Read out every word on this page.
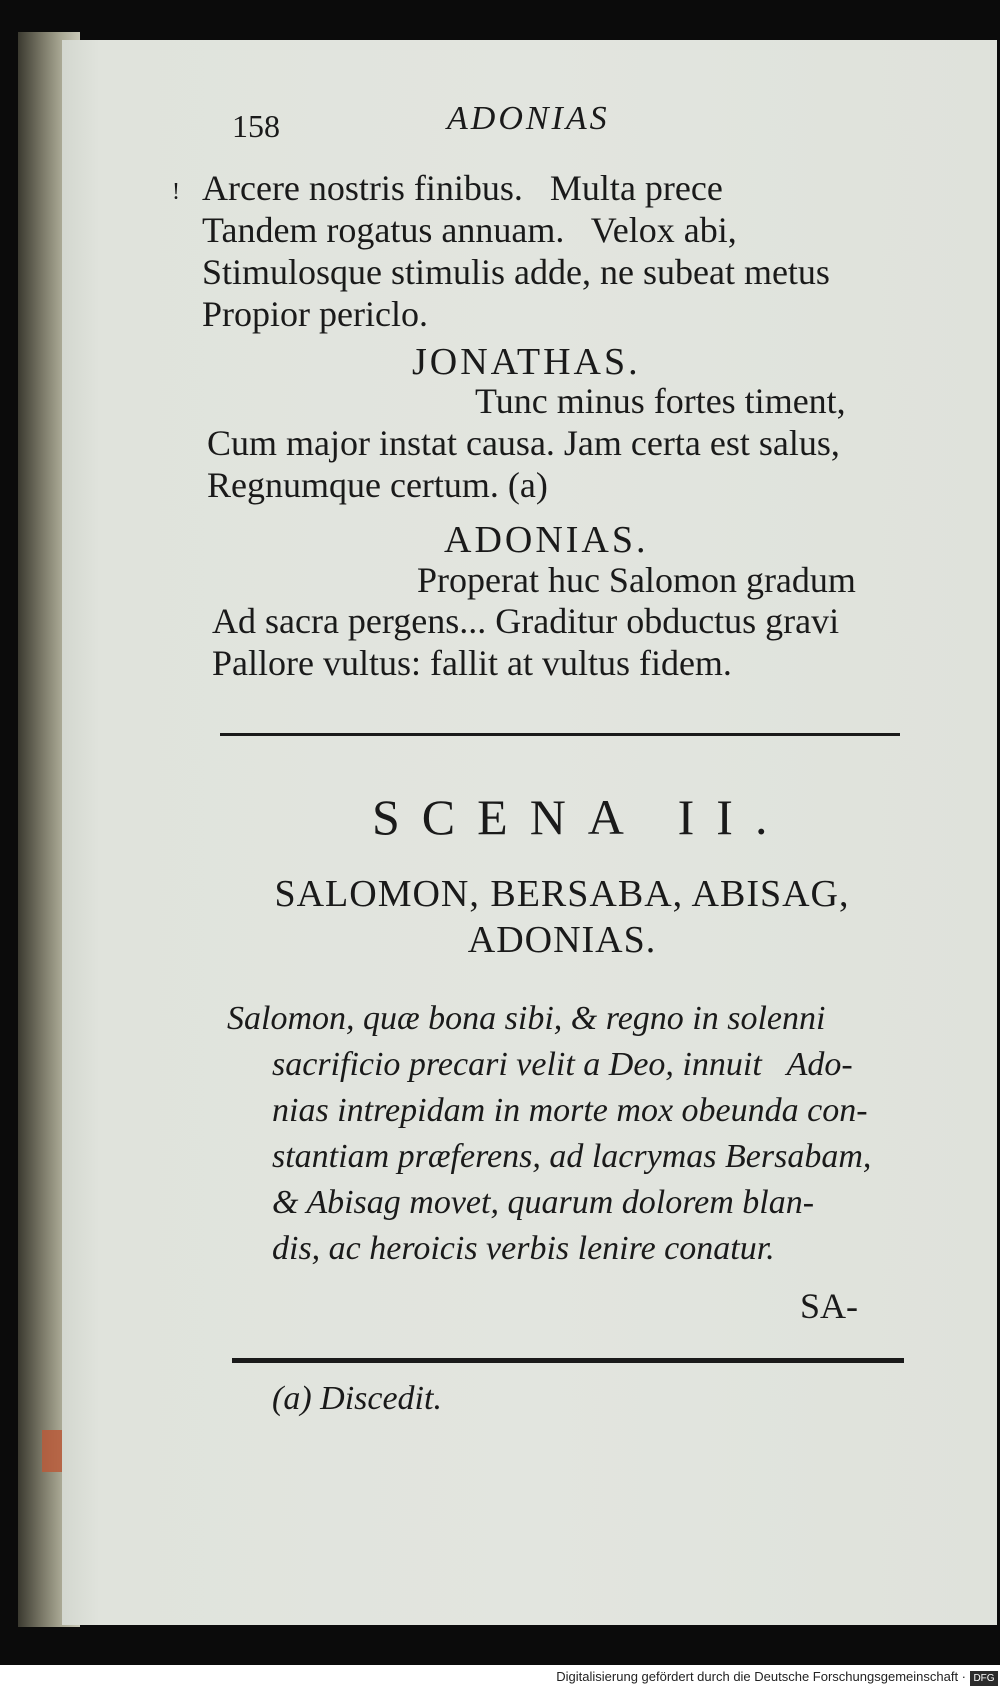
158	ADONIAS
! Arcere nostris finibus.   Multa prece
Tandem rogatus annuam.   Velox abi,
Stimulosque stimulis adde, ne subeat metus
Propior periclo.
JONATHAS.
Tunc minus fortes timent,
Cum major instat causa. Jam certa est salus,
Regnumque certum. (a)
ADONIAS.
Properat huc Salomon gradum
Ad sacra pergens... Graditur obductus gravi
Pallore vultus: fallit at vultus fidem.
SCENA II.
SALOMON, BERSABA, ABISAG,
ADONIAS.
Salomon, quæ bona sibi, & regno in solenni
sacrificio precari velit a Deo, innuit   Ado-
nias intrepidam in morte mox obeunda con-
stantiam præferens, ad lacrymas Bersabam,
& Abisag movet, quarum dolorem blan-
dis, ac heroicis verbis lenire conatur.
SA-
(a) Discedit.
Digitalisierung gefördert durch die Deutsche Forschungsgemeinschaft · DFG
